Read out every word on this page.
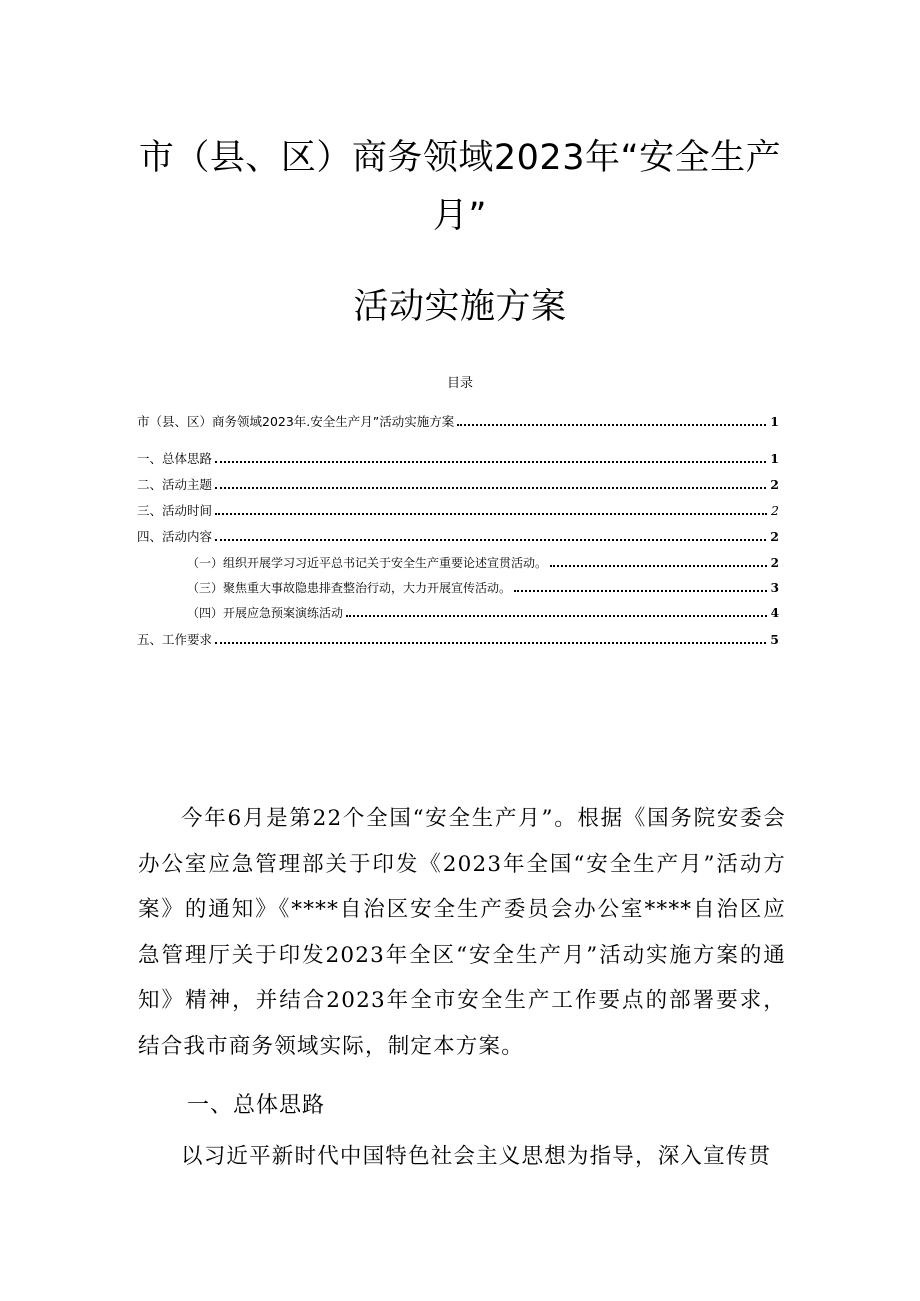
市（县、区）商务领域2023年“安全生产
月”
活动实施方案
目录
市（县、区）商务领域2023年.安全生产月”活动实施方案	1
一、总体思路	1
二、活动主题	2
三、活动时间	2
四、活动内容	2
（一）组织开展学习习近平总书记关于安全生产重要论述宣贯活动。	2
（三）聚焦重大事故隐患排查整治行动，大力开展宣传活动。	3
（四）开展应急预案演练活动	4
五、工作要求	5

今年6月是第22个全国“安全生产月”。根据《国务院安委会办公室应急管理部关于印发《2023年全国“安全生产月”活动方案》的通知》《****自治区安全生产委员会办公室****自治区应急管理厅关于印发2023年全区“安全生产月”活动实施方案的通知》精神，并结合2023年全市安全生产工作要点的部署要求，结合我市商务领域实际，制定本方案。

一、总体思路

以习近平新时代中国特色社会主义思想为指导，深入宣传贯
